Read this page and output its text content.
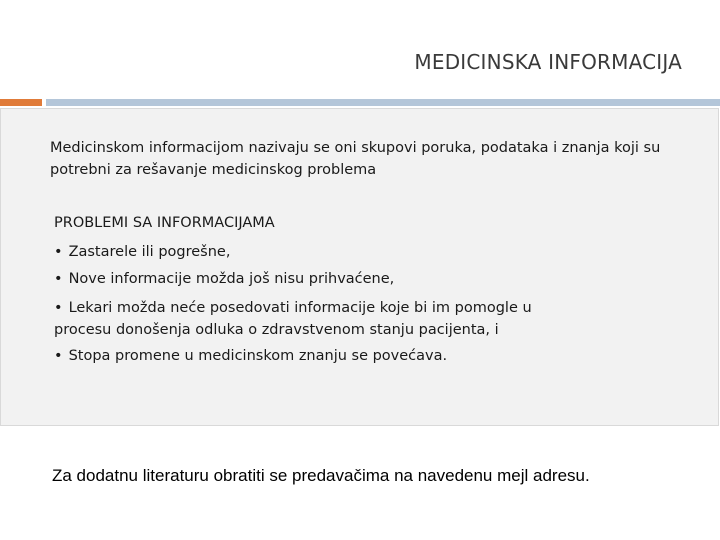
MEDICINSKA INFORMACIJA

Medicinskom informacijom nazivaju se oni skupovi poruka, podataka i znanja koji su potrebni za rešavanje medicinskog problema

PROBLEMI SA INFORMACIJAMA

• Zastarele ili pogrešne,

• Nove informacije možda još nisu prihvaćene,

• Lekari možda neće posedovati informacije koje bi im pomogle u procesu donošenja odluka o zdravstvenom stanju pacijenta, i

• Stopa promene u medicinskom znanju se povećava.

Za dodatnu literaturu obratiti se predavačima na navedenu mejl adresu.
